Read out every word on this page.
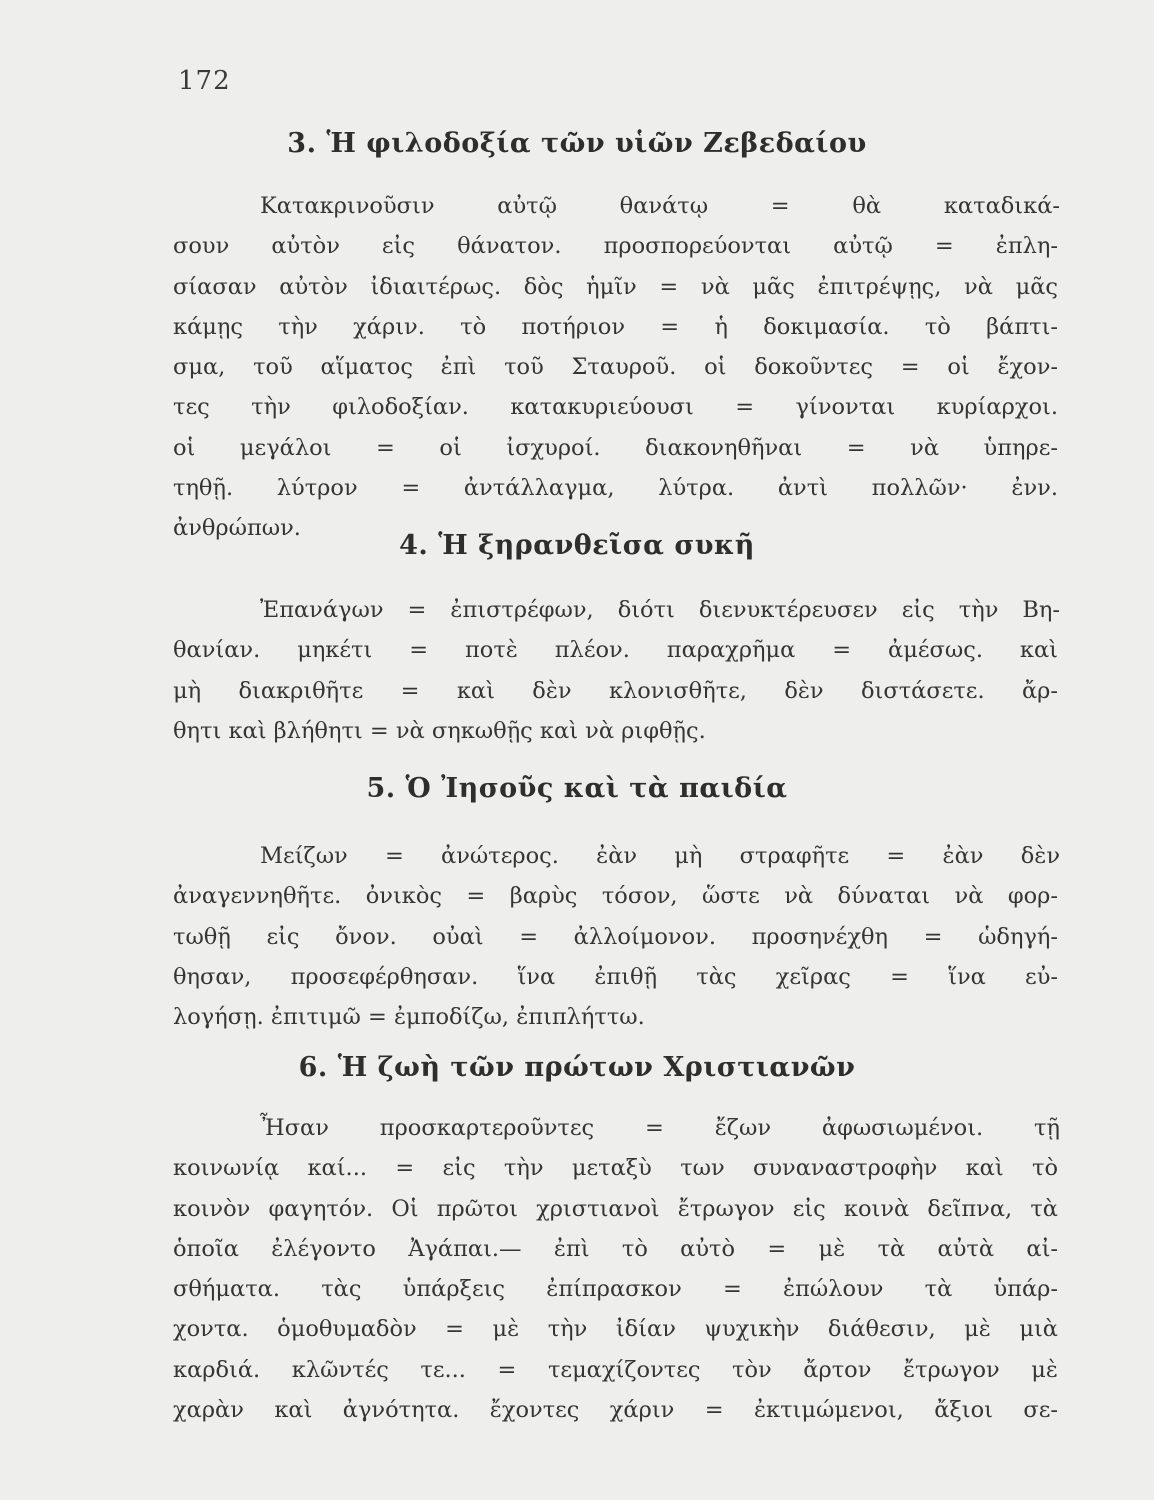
172
3. Ἡ φιλοδοξία τῶν υἱῶν Ζεβεδαίου
Κατακρινοῦσιν αὐτῷ θανάτῳ = θὰ καταδικά-
σουν αὐτὸν εἰς θάνατον. προσπορεύονται αὐτῷ = ἐπλη-
σίασαν αὐτὸν ἰδιαιτέρως. δὸς ἡμῖν = νὰ μᾶς ἐπιτρέψῃς, νὰ μᾶς
κάμῃς τὴν χάριν. τὸ ποτήριον = ἡ δοκιμασία. τὸ βάπτι-
σμα, τοῦ αἵματος ἐπὶ τοῦ Σταυροῦ. οἱ δοκοῦντες = οἱ ἔχον-
τες τὴν φιλοδοξίαν. κατακυριεύουσι = γίνονται κυρίαρχοι.
οἱ μεγάλοι = οἱ ἰσχυροί. διακονηθῆναι = νὰ ὑπηρε-
τηθῇ. λύτρον = ἀντάλλαγμα, λύτρα. ἀντὶ πολλῶν· ἐνν.
ἀνθρώπων.
4. Ἡ ξηρανθεῖσα συκῆ
Ἐπανάγων = ἐπιστρέφων, διότι διενυκτέρευσεν εἰς τὴν Βη-
θανίαν. μηκέτι = ποτὲ πλέον. παραχρῆμα = ἀμέσως. καὶ
μὴ διακριθῆτε = καὶ δὲν κλονισθῆτε, δὲν διστάσετε. ἄρ-
θητι καὶ βλήθητι = νὰ σηκωθῇς καὶ νὰ ριφθῇς.
5. Ὁ Ἰησοῦς καὶ τὰ παιδία
Μείζων = ἀνώτερος. ἐὰν μὴ στραφῆτε = ἐὰν δὲν
ἀναγεννηθῆτε. ὀνικὸς = βαρὺς τόσον, ὥστε νὰ δύναται νὰ φορ-
τωθῇ εἰς ὄνον. οὐαὶ = ἀλλοίμονον. προσηνέχθη = ὡδηγή-
θησαν, προσεφέρθησαν. ἵνα ἐπιθῇ τὰς χεῖρας = ἵνα εὐ-
λογήσῃ. ἐπιτιμῶ = ἐμποδίζω, ἐπιπλήττω.
6. Ἡ ζωὴ τῶν πρώτων Χριστιανῶν
Ἦσαν προσκαρτεροῦντες = ἔζων ἀφωσιωμένοι. τῇ
κοινωνίᾳ καί... = εἰς τὴν μεταξὺ των συναναστροφὴν καὶ τὸ
κοινὸν φαγητόν. Οἱ πρῶτοι χριστιανοὶ ἔτρωγον εἰς κοινὰ δεῖπνα, τὰ
ὁποῖα ἐλέγοντο Ἀγάπαι.— ἐπὶ τὸ αὐτὸ = μὲ τὰ αὐτὰ αἰ-
σθήματα. τὰς ὑπάρξεις ἐπίπρασκον = ἐπώλουν τὰ ὑπάρ-
χοντα. ὁμοθυμαδὸν = μὲ τὴν ἰδίαν ψυχικὴν διάθεσιν, μὲ μιὰ
καρδιά. κλῶντές τε... = τεμαχίζοντες τὸν ἄρτον ἔτρωγον μὲ
χαρὰν καὶ ἀγνότητα. ἔχοντες χάριν = ἐκτιμώμενοι, ἄξιοι σε-
